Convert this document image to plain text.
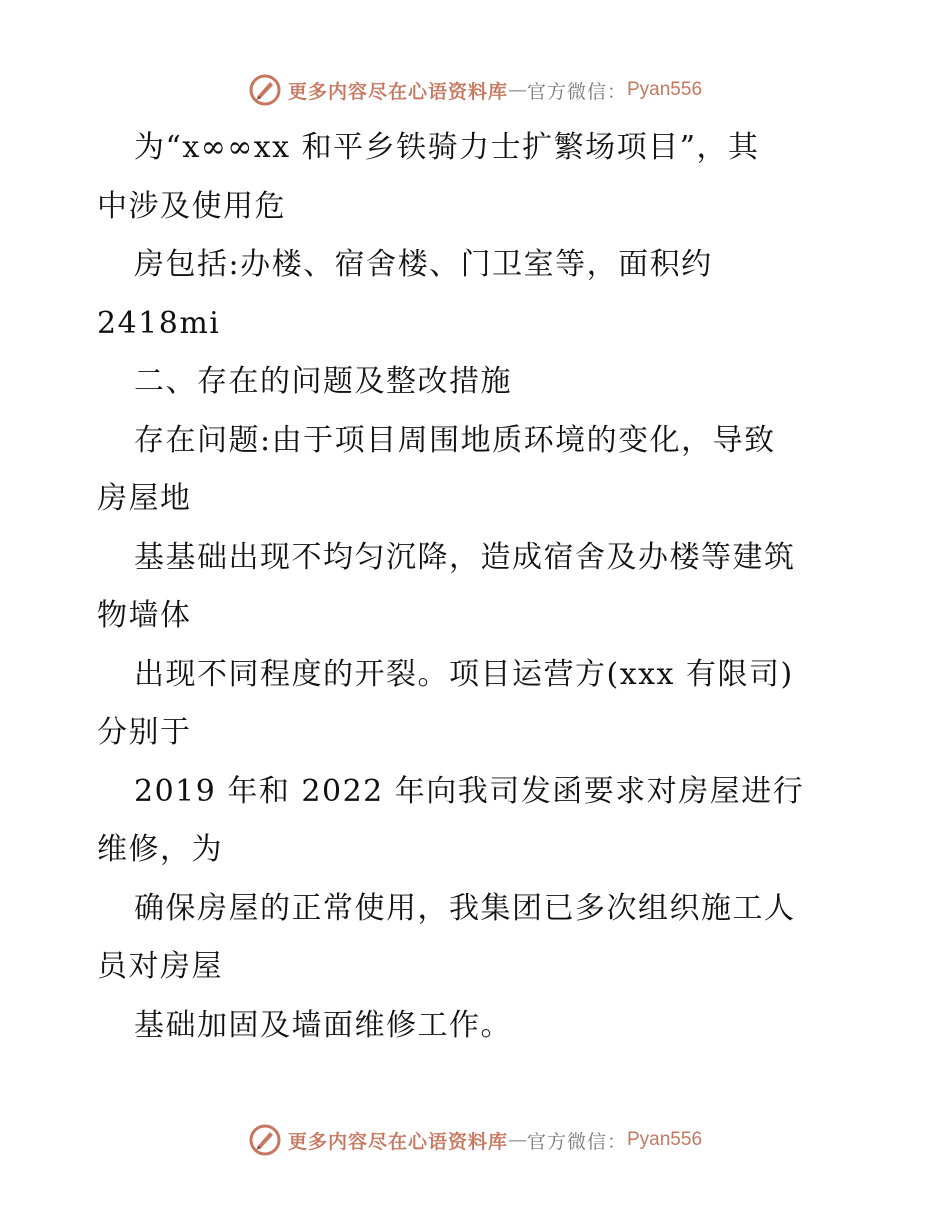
更多内容尽在心语资料库 — 官方微信： Pyan556
为“x∞∞xx 和平乡铁骑力士扩繁场项目”，其
中涉及使用危
房包括:办楼、宿舍楼、门卫室等，面积约
2418mi
二、存在的问题及整改措施
存在问题:由于项目周围地质环境的变化，导致
房屋地
基基础出现不均匀沉降，造成宿舍及办楼等建筑
物墙体
出现不同程度的开裂。项目运营方(xxx 有限司)
分别于
2019 年和 2022 年向我司发函要求对房屋进行
维修，为
确保房屋的正常使用，我集团已多次组织施工人
员对房屋
基础加固及墙面维修工作。
更多内容尽在心语资料库 — 官方微信： Pyan556
